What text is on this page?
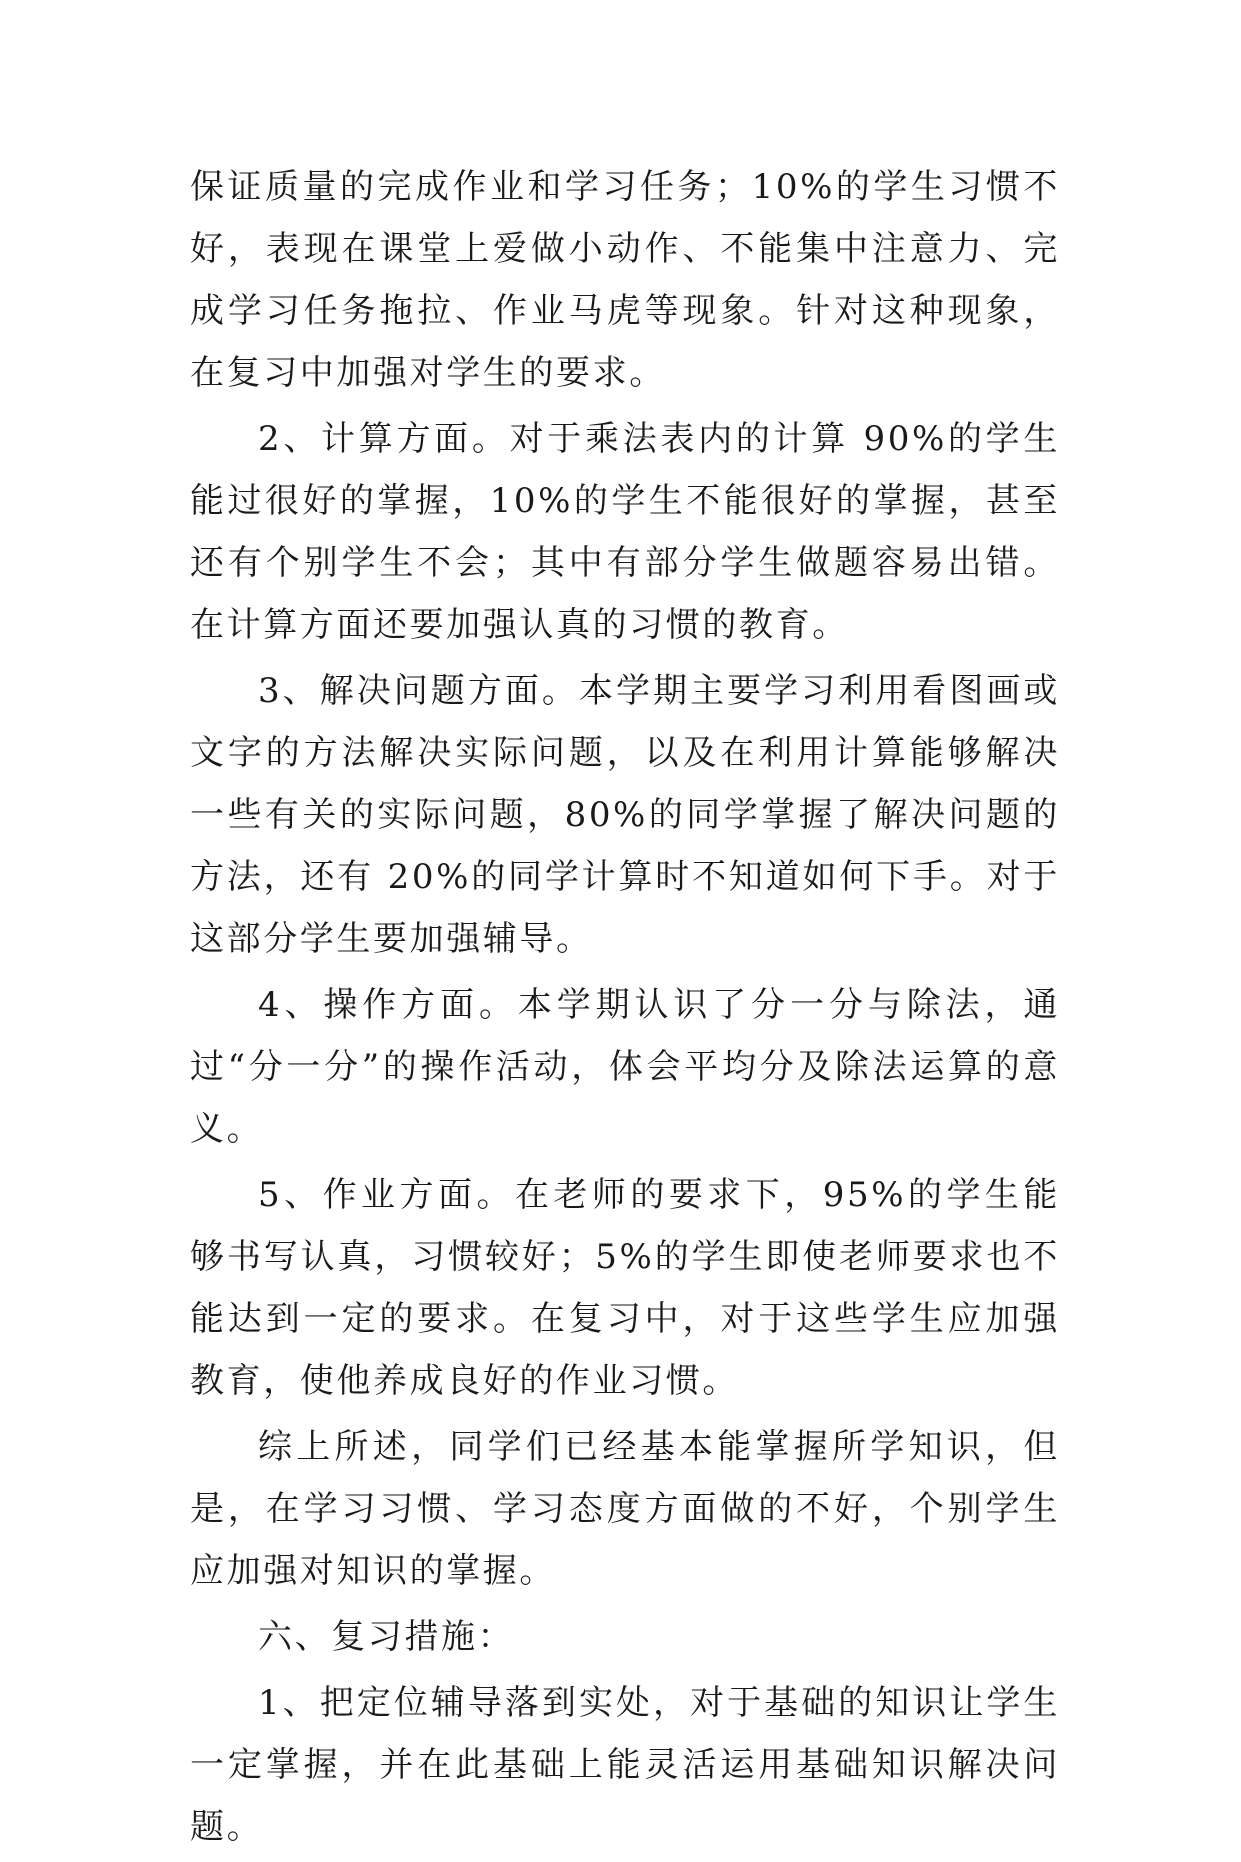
保证质量的完成作业和学习任务；10%的学生习惯不好，表现在课堂上爱做小动作、不能集中注意力、完成学习任务拖拉、作业马虎等现象。针对这种现象，在复习中加强对学生的要求。

2、计算方面。对于乘法表内的计算 90%的学生能过很好的掌握，10%的学生不能很好的掌握，甚至还有个别学生不会；其中有部分学生做题容易出错。在计算方面还要加强认真的习惯的教育。

3、解决问题方面。本学期主要学习利用看图画或文字的方法解决实际问题，以及在利用计算能够解决一些有关的实际问题，80%的同学掌握了解决问题的方法，还有 20%的同学计算时不知道如何下手。对于这部分学生要加强辅导。

4、操作方面。本学期认识了分一分与除法，通过“分一分”的操作活动，体会平均分及除法运算的意义。

5、作业方面。在老师的要求下，95%的学生能够书写认真，习惯较好；5%的学生即使老师要求也不能达到一定的要求。在复习中，对于这些学生应加强教育，使他养成良好的作业习惯。

综上所述，同学们已经基本能掌握所学知识，但是，在学习习惯、学习态度方面做的不好，个别学生应加强对知识的掌握。

六、复习措施：

1、把定位辅导落到实处，对于基础的知识让学生一定掌握，并在此基础上能灵活运用基础知识解决问题。
